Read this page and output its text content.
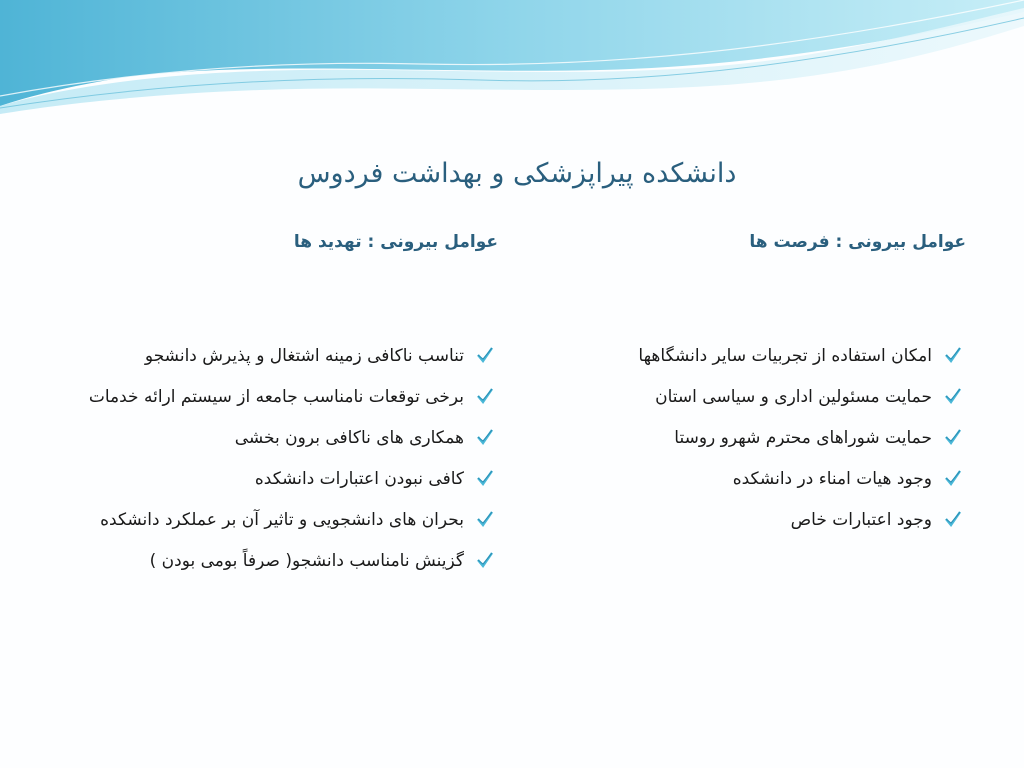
دانشکده پیراپزشکی و بهداشت فردوس
عوامل بیرونی : فرصت ها
عوامل بیرونی : تهدید ها
امکان استفاده از تجربیات سایر دانشگاهها
حمایت مسئولین اداری و سیاسی استان
حمایت شوراهای محترم شهرو روستا
وجود هیات امناء در دانشکده
وجود اعتبارات خاص
تناسب ناکافی زمینه اشتغال و پذیرش دانشجو
برخی توقعات نامناسب جامعه از سیستم ارائه خدمات
همکاری های ناکافی برون بخشی
کافی نبودن اعتبارات دانشکده
بحران های دانشجویی و تاثیر آن بر عملکرد دانشکده
گزینش نامناسب دانشجو( صرفاً بومی بودن )
